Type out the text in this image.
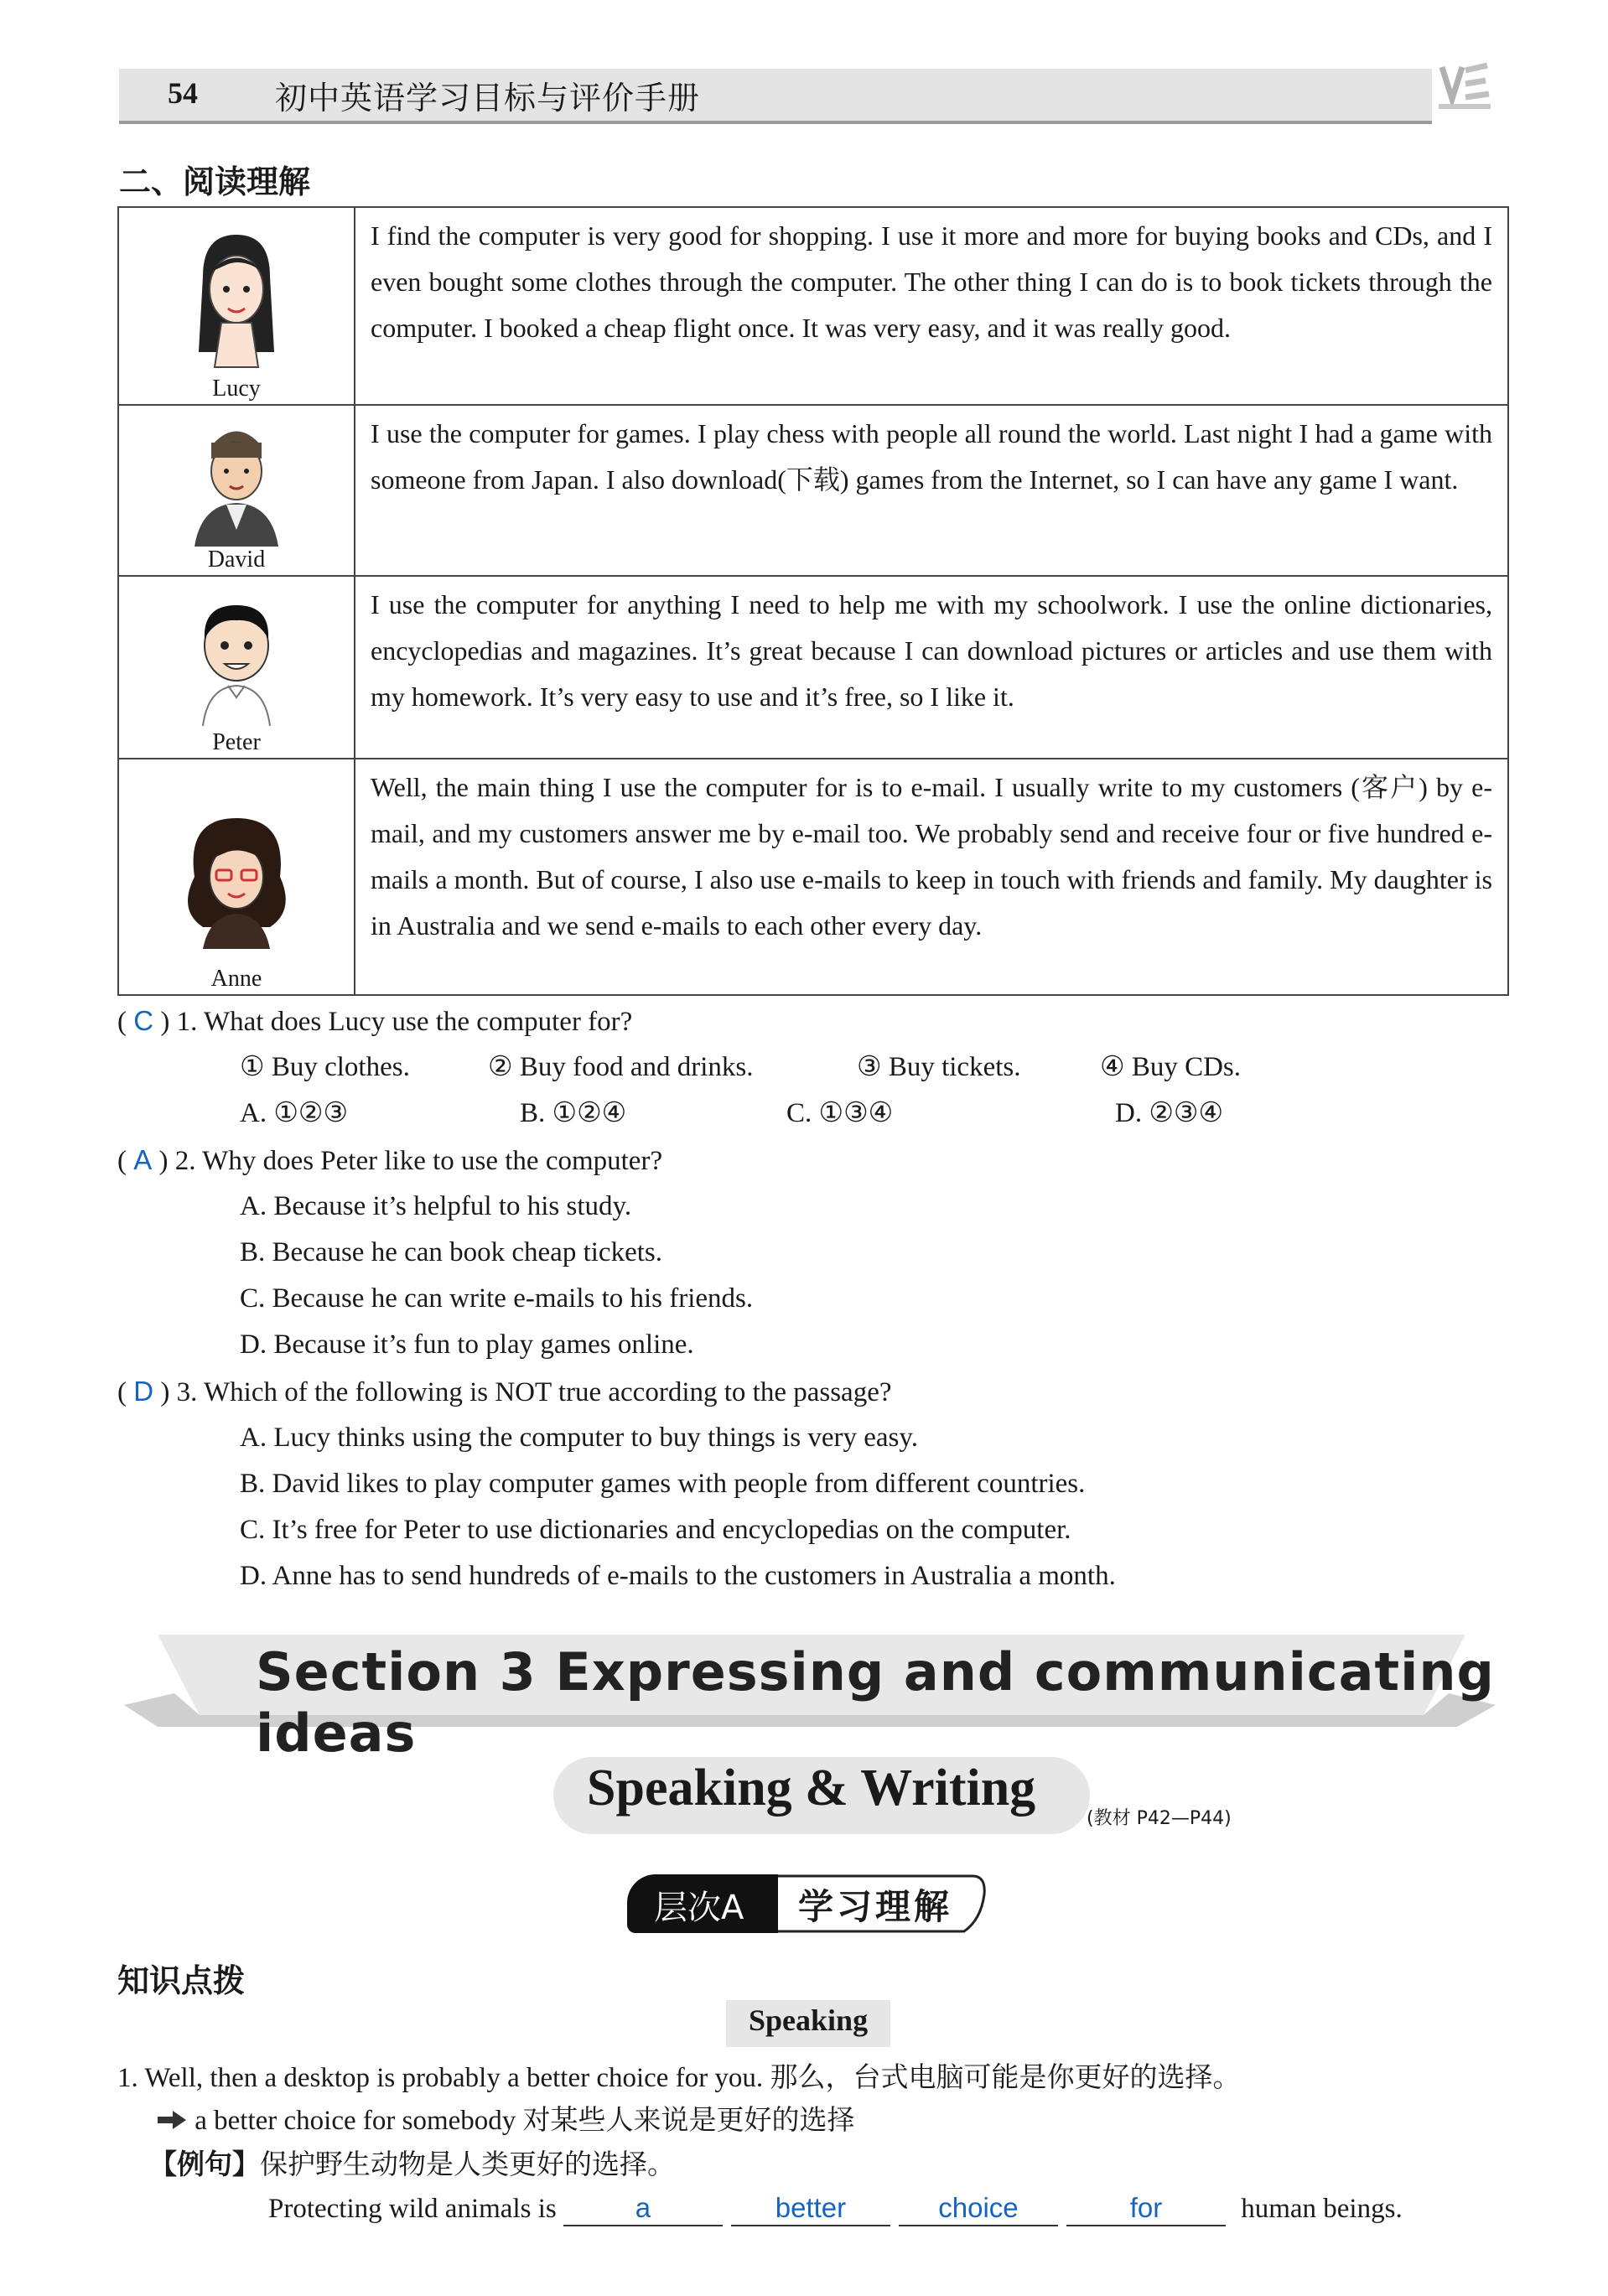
54 初中英语学习目标与评价手册
二、阅读理解
Lucy	I find the computer is very good for shopping. I use it more and more for buying books and CDs, and I even bought some clothes through the computer. The other thing I can do is to book tickets through the computer. I booked a cheap flight once. It was very easy, and it was really good.

David	I use the computer for games. I play chess with people all round the world. Last night I had a game with someone from Japan. I also download(下载) games from the Internet, so I can have any game I want.

Peter	I use the computer for anything I need to help me with my schoolwork. I use the online dictionaries, encyclopedias and magazines. It’s great because I can download pictures or articles and use them with my homework. It’s very easy to use and it’s free, so I like it.

Anne	Well, the main thing I use the computer for is to e-mail. I usually write to my customers (客户) by e-mail, and my customers answer me by e-mail too. We probably send and receive four or five hundred e-mails a month. But of course, I also use e-mails to keep in touch with friends and family. My daughter is in Australia and we send e-mails to each other every day.
( C ) 1. What does Lucy use the computer for?
① Buy clothes.	② Buy food and drinks.	③ Buy tickets.	④ Buy CDs.
A. ①②③	B. ①②④	C. ①③④	D. ②③④
( A ) 2. Why does Peter like to use the computer?
A. Because it’s helpful to his study.
B. Because he can book cheap tickets.
C. Because he can write e-mails to his friends.
D. Because it’s fun to play games online.
( D ) 3. Which of the following is NOT true according to the passage?
A. Lucy thinks using the computer to buy things is very easy.
B. David likes to play computer games with people from different countries.
C. It’s free for Peter to use dictionaries and encyclopedias on the computer.
D. Anne has to send hundreds of e-mails to the customers in Australia a month.
Section 3 Expressing and communicating ideas
Speaking & Writing
(教材 P42—P44)
层次A 学习理解
知识点拨
Speaking
1. Well, then a desktop is probably a better choice for you. 那么，台式电脑可能是你更好的选择。
a better choice for somebody 对某些人来说是更好的选择
【例句】保护野生动物是人类更好的选择。
Protecting wild animals is	a	better	choice	for	human beings.
